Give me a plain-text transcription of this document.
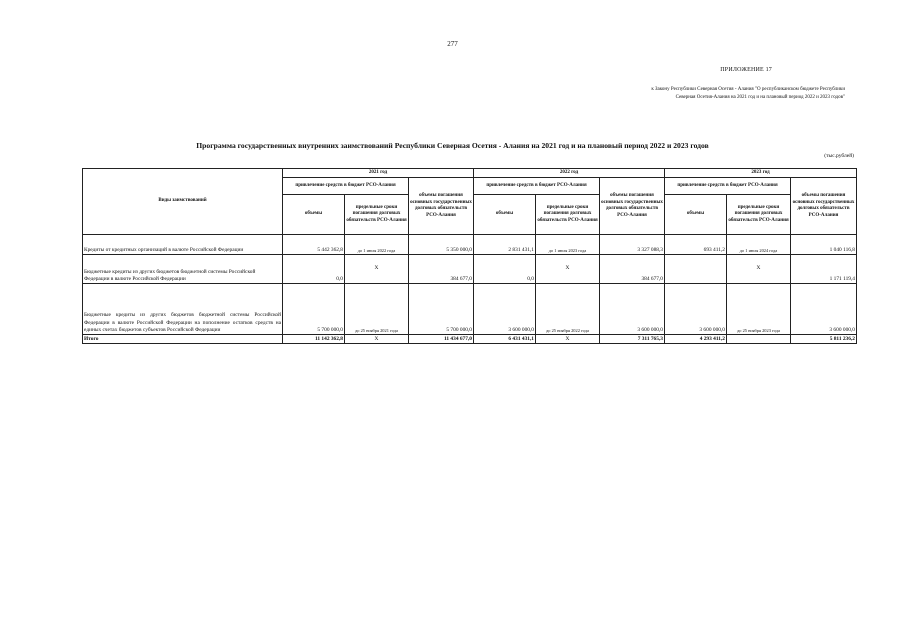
277
ПРИЛОЖЕНИЕ 17
к Закону Республики Северная Осетия - Алания "О республиканском бюджете Республики Северная Осетия-Алания на 2021 год и на плановый период 2022 и 2023 годов"
Программа государственных внутренних заимствований Республики Северная Осетия - Алания на 2021 год и на плановый период 2022 и 2023 годов
(тыс.рублей)
Виды заимствований	2021 год			2022 год			2023 год		
	привлечение средств в бюджет РСО-Алания		объемы погашения основных государственных долговых обязательств РСО-Алания	привлечение средств в бюджет РСО-Алания		объемы погашения основных государственных долговых обязательств РСО-Алания	привлечение средств в бюджет РСО-Алания		объемы погашения основных государственных долговых обязательств РСО-Алания
	объемы	предельные сроки погашения долговых обязательств РСО-Алания		объемы	предельные сроки погашения долговых обязательств РСО-Алания		объемы	предельные сроки погашения долговых обязательств РСО-Алания	
Кредиты от кредитных организаций в валюте Российской Федерации	5 442 362,8	до 1 июля 2022 года	5 350 000,0	2 831 431,1	до 1 июля 2023 года	3 327 088,3	693 411,2	до 1 июля 2024 года	1 040 116,8
Бюджетные кредиты из других бюджетов бюджетной системы Российской Федерации в валюте Российской Федерации	0,0	X	384 677,0	0,0	X	384 677,0		X	1 171 119,4
Бюджетные кредиты из других бюджетов бюджетной системы Российской Федерации в валюте Российской Федерации на пополнение остатков средств на единых счетах бюджетов субъектов Российской Федерации	5 700 000,0	до 25 ноября 2021 года	5 700 000,0	3 600 000,0	до 25 ноября 2022 года	3 600 000,0	3 600 000,0	до 25 ноября 2023 года	3 600 000,0
Итого	11 142 362,8	X	11 434 677,0	6 431 431,1	X	7 311 765,3	4 293 411,2		5 811 236,2
